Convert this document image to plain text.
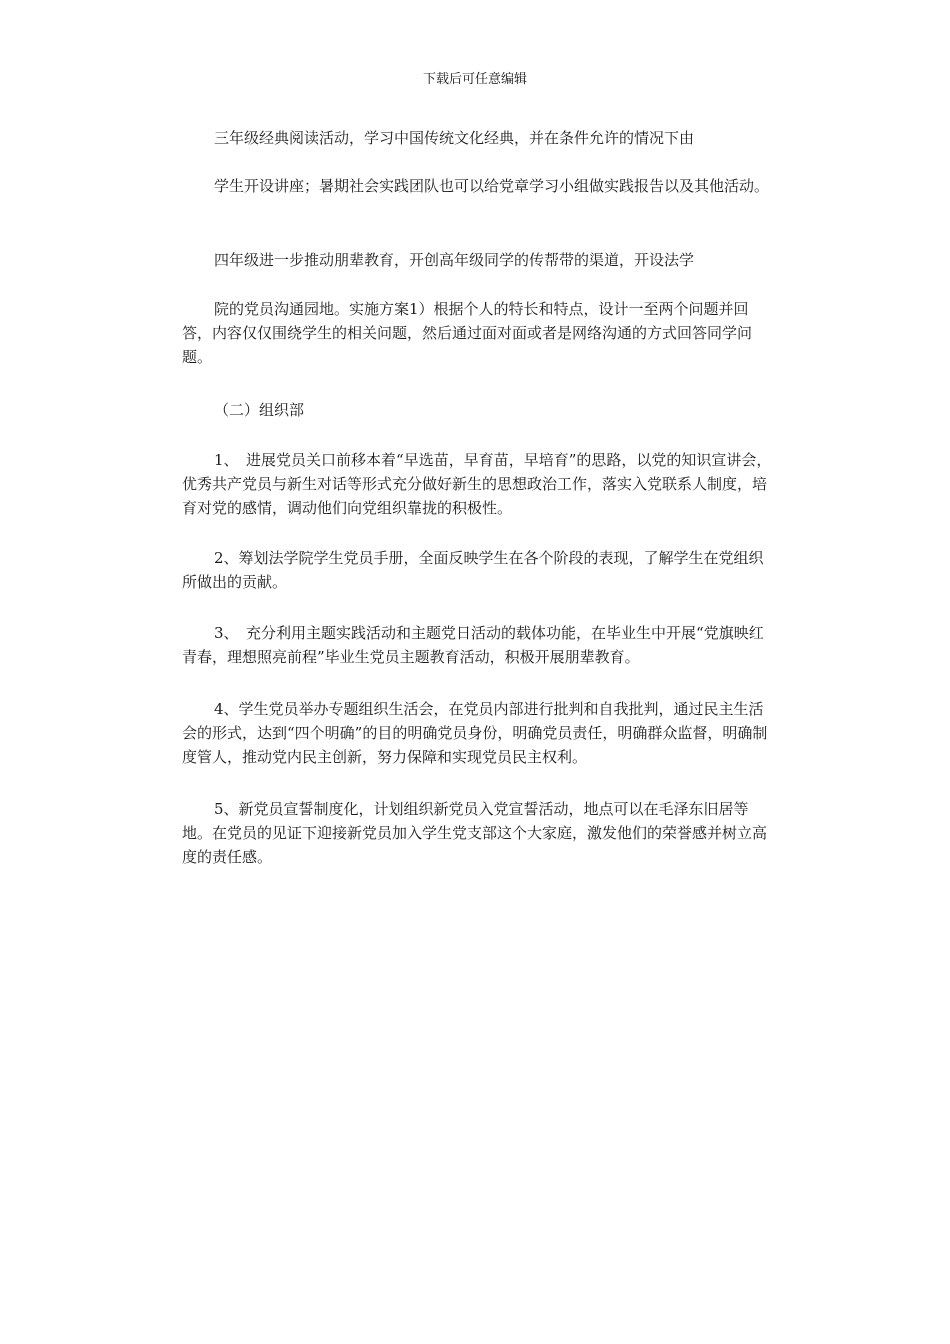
下载后可任意编辑

三年级经典阅读活动，学习中国传统文化经典，并在条件允许的情况下由

学生开设讲座；暑期社会实践团队也可以给党章学习小组做实践报告以及其他活动。

四年级进一步推动朋辈教育，开创高年级同学的传帮带的渠道，开设法学

院的党员沟通园地。实施方案1）根据个人的特长和特点，设计一至两个问题并回答，内容仅仅围绕学生的相关问题，然后通过面对面或者是网络沟通的方式回答同学问题。

（二）组织部

1、　进展党员关口前移本着“早选苗，早育苗，早培育”的思路，以党的知识宣讲会，优秀共产党员与新生对话等形式充分做好新生的思想政治工作，落实入党联系人制度，培育对党的感情，调动他们向党组织靠拢的积极性。

2、筹划法学院学生党员手册，全面反映学生在各个阶段的表现，了解学生在党组织所做出的贡献。

3、　充分利用主题实践活动和主题党日活动的载体功能，在毕业生中开展“党旗映红青春，理想照亮前程”毕业生党员主题教育活动，积极开展朋辈教育。

4、学生党员举办专题组织生活会，在党员内部进行批判和自我批判，通过民主生活会的形式，达到“四个明确”的目的明确党员身份，明确党员责任，明确群众监督，明确制度管人，推动党内民主创新，努力保障和实现党员民主权利。

5、新党员宣誓制度化，计划组织新党员入党宣誓活动，地点可以在毛泽东旧居等地。在党员的见证下迎接新党员加入学生党支部这个大家庭，激发他们的荣誉感并树立高度的责任感。
